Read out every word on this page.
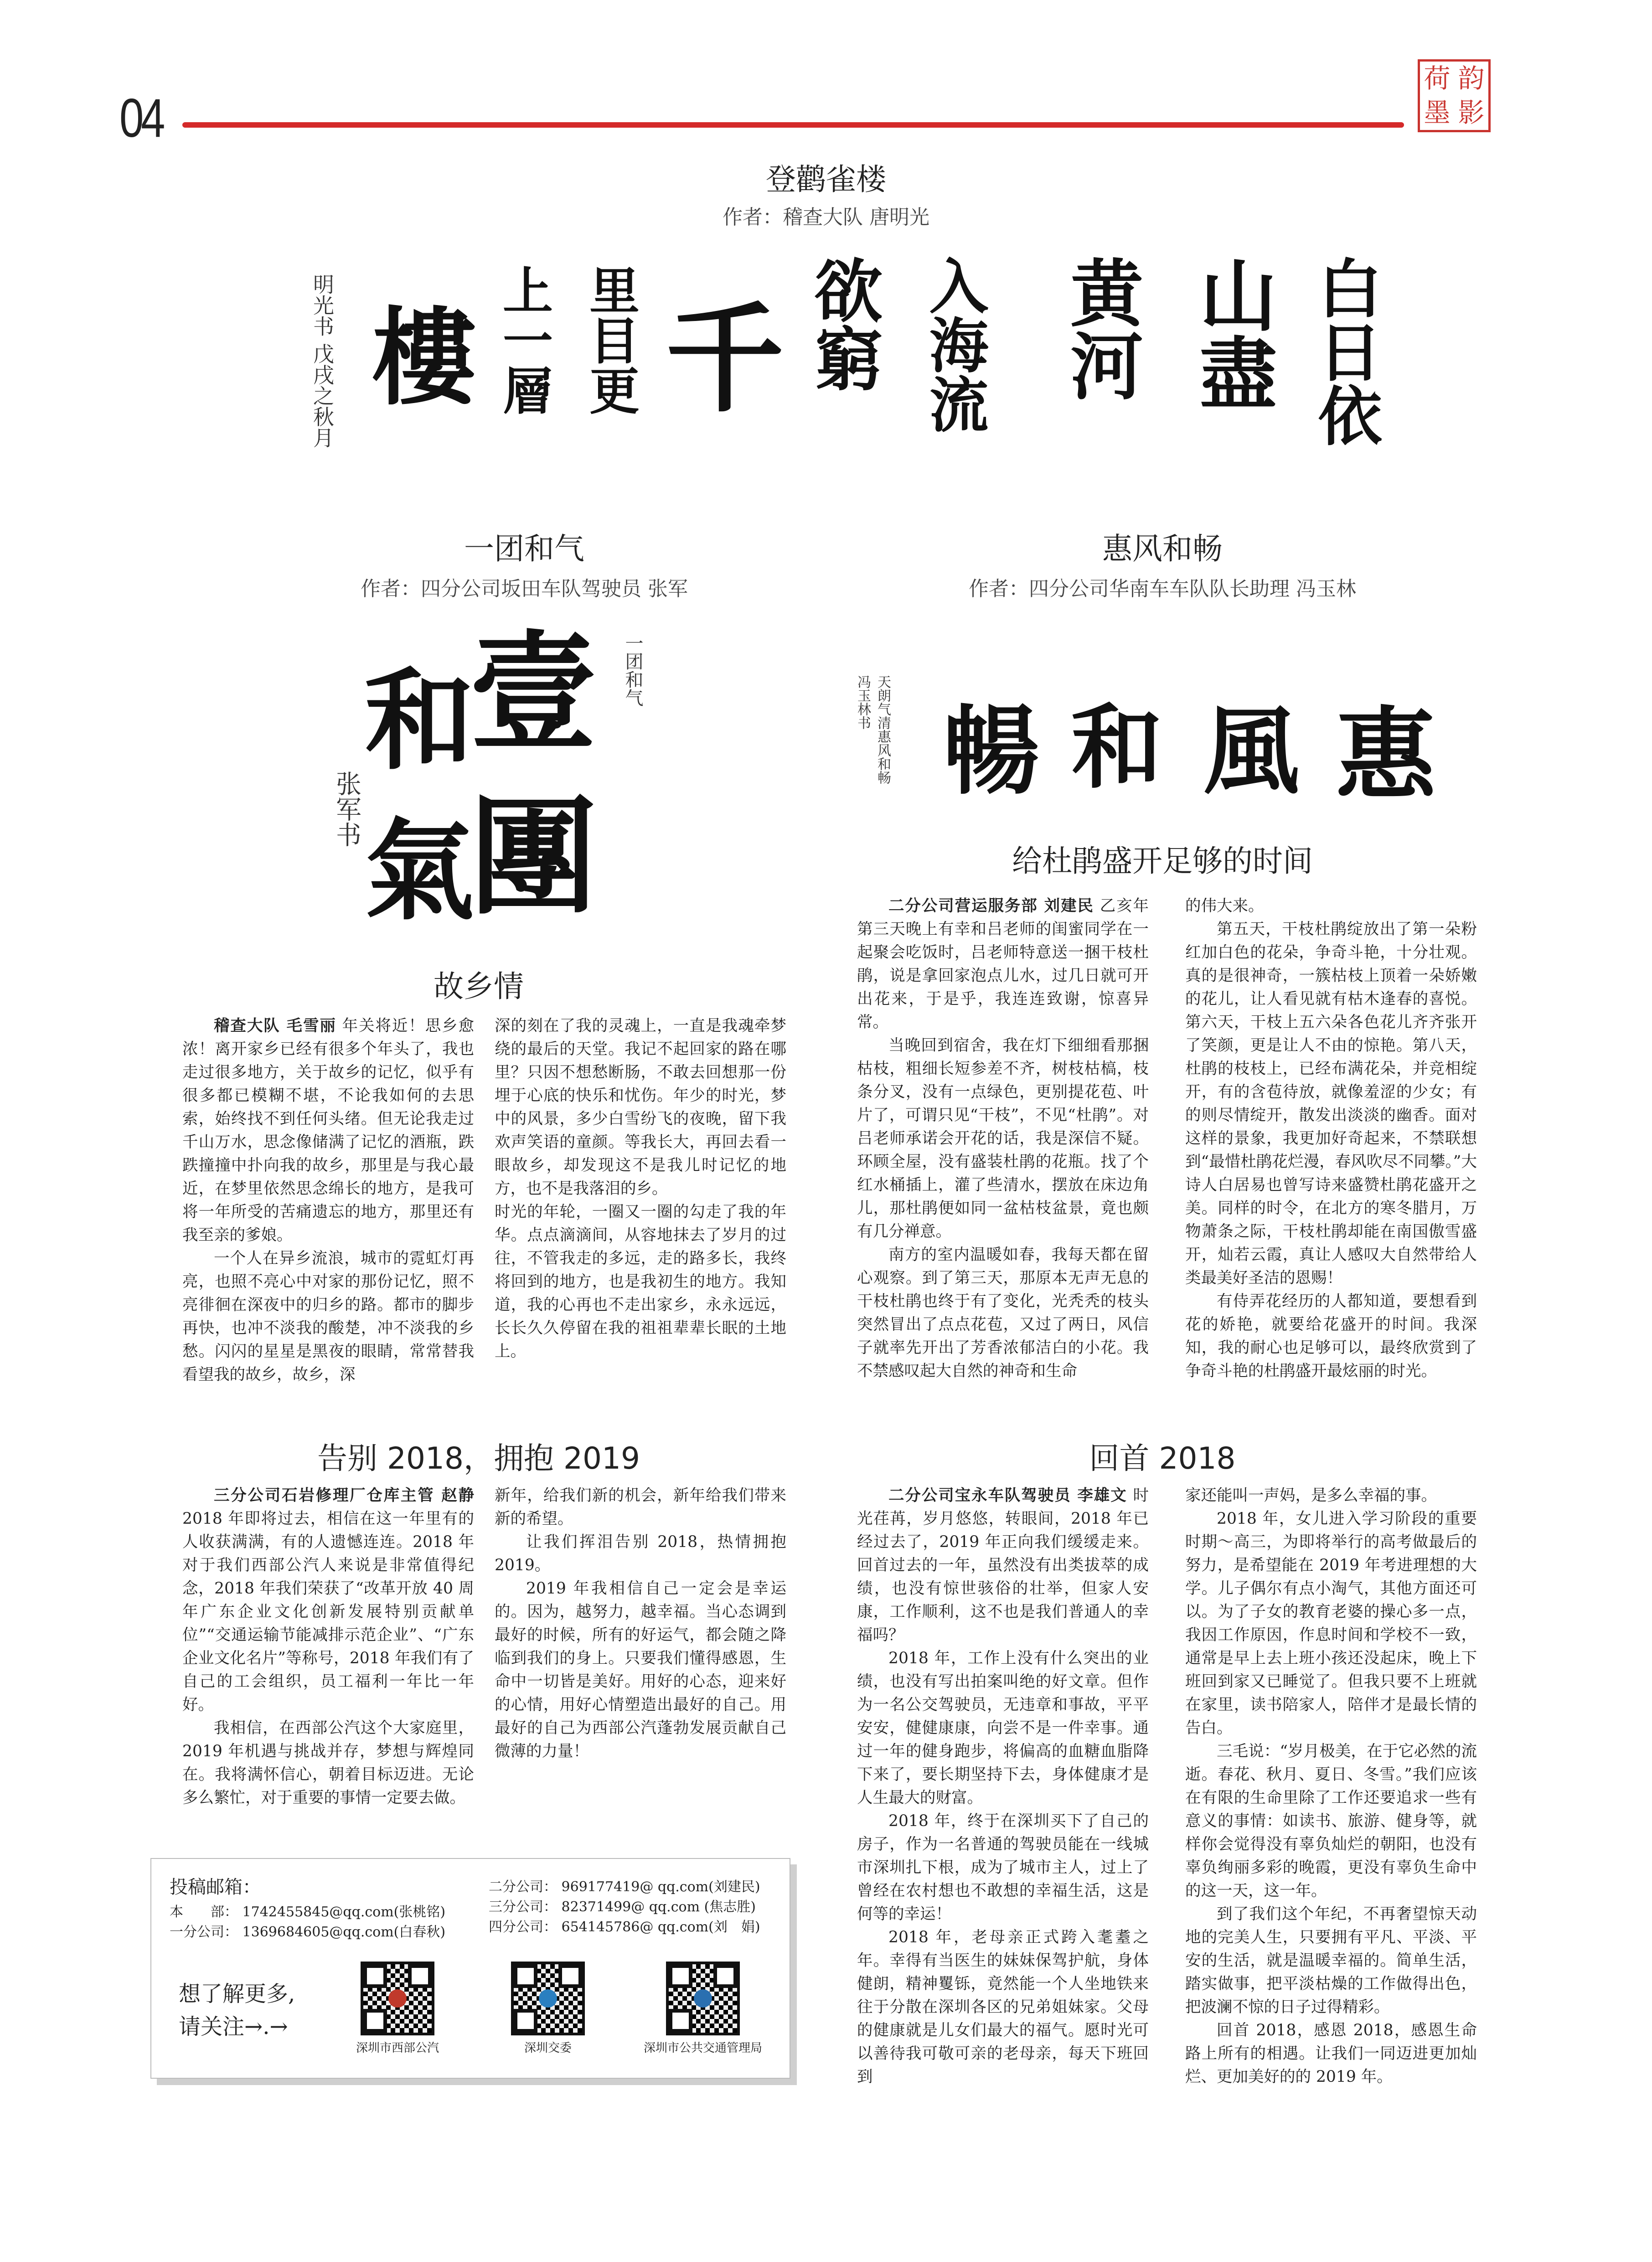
04
荷 韵
墨 影
登鹳雀楼
作者：稽查大队 唐明光
明光书 戊戌之秋月 樓 上一層 里目更 千 欲窮 入海流 黄河 山盡 白日依
一团和气
作者：四分公司坂田车队驾驶员 张军
惠风和畅
作者：四分公司华南车车队队长助理 冯玉林
壹
團
和
氣
一团和气
张军书
天朗气清惠风和畅 冯玉林书 暢 和 風 惠
故乡情

稽查大队 毛雪丽 年关将近！思乡愈浓！离开家乡已经有很多个年头了，我也走过很多地方，关于故乡的记忆，似乎有很多都已模糊不堪，不论我如何的去思索，始终找不到任何头绪。但无论我走过千山万水，思念像储满了记忆的酒瓶，跌跌撞撞中扑向我的故乡，那里是与我心最近，在梦里依然思念绵长的地方，是我可将一年所受的苦痛遗忘的地方，那里还有我至亲的爹娘。

一个人在异乡流浪，城市的霓虹灯再亮，也照不亮心中对家的那份记忆，照不亮徘徊在深夜中的归乡的路。都市的脚步再快，也冲不淡我的酸楚，冲不淡我的乡愁。闪闪的星星是黑夜的眼睛，常常替我看望我的故乡，故乡，深

深的刻在了我的灵魂上，一直是我魂牵梦绕的最后的天堂。我记不起回家的路在哪里？只因不想愁断肠，不敢去回想那一份埋于心底的快乐和忧伤。年少的时光，梦中的风景，多少白雪纷飞的夜晚，留下我欢声笑语的童颜。等我长大，再回去看一眼故乡，却发现这不是我儿时记忆的地方，也不是我落泪的乡。

时光的年轮，一圈又一圈的勾走了我的年华。点点滴滴间，从容地抹去了岁月的过往，不管我走的多远，走的路多长，我终将回到的地方，也是我初生的地方。我知道，我的心再也不走出家乡，永永远远，长长久久停留在我的祖祖辈辈长眠的土地上。

给杜鹃盛开足够的时间

二分公司营运服务部 刘建民 乙亥年第三天晚上有幸和吕老师的闺蜜同学在一起聚会吃饭时，吕老师特意送一捆干枝杜鹃，说是拿回家泡点儿水，过几日就可开出花来，于是乎，我连连致谢，惊喜异常。

当晚回到宿舍，我在灯下细细看那捆枯枝，粗细长短参差不齐，树枝枯槁，枝条分叉，没有一点绿色，更别提花苞、叶片了，可谓只见“干枝”，不见“杜鹃”。对吕老师承诺会开花的话，我是深信不疑。环顾全屋，没有盛装杜鹃的花瓶。找了个红水桶插上，灌了些清水，摆放在床边角儿，那杜鹃便如同一盆枯枝盆景，竟也颇有几分禅意。

南方的室内温暖如春，我每天都在留心观察。到了第三天，那原本无声无息的干枝杜鹃也终于有了变化，光秃秃的枝头突然冒出了点点花苞，又过了两日，风信子就率先开出了芳香浓郁洁白的小花。我不禁感叹起大自然的神奇和生命

的伟大来。

第五天，干枝杜鹃绽放出了第一朵粉红加白色的花朵，争奇斗艳，十分壮观。真的是很神奇，一簇枯枝上顶着一朵娇嫩的花儿，让人看见就有枯木逢春的喜悦。第六天，干枝上五六朵各色花儿齐齐张开了笑颜，更是让人不由的惊艳。第八天，杜鹃的枝枝上，已经布满花朵，并竞相绽开，有的含苞待放，就像羞涩的少女；有的则尽情绽开，散发出淡淡的幽香。面对这样的景象，我更加好奇起来，不禁联想到“最惜杜鹃花烂漫，春风吹尽不同攀。”大诗人白居易也曾写诗来盛赞杜鹃花盛开之美。同样的时令，在北方的寒冬腊月，万物萧条之际，干枝杜鹃却能在南国傲雪盛开，灿若云霞，真让人感叹大自然带给人类最美好圣洁的恩赐！

有侍弄花经历的人都知道，要想看到花的娇艳，就要给花盛开的时间。我深知，我的耐心也足够可以，最终欣赏到了争奇斗艳的杜鹃盛开最炫丽的时光。

告别 2018，拥抱 2019

三分公司石岩修理厂仓库主管 赵静 2018 年即将过去，相信在这一年里有的人收获满满，有的人遗憾连连。2018 年对于我们西部公汽人来说是非常值得纪念，2018 年我们荣获了“改革开放 40 周年广东企业文化创新发展特别贡献单位”“交通运输节能减排示范企业”、“广东企业文化名片”等称号，2018 年我们有了自己的工会组织，员工福利一年比一年好。

我相信，在西部公汽这个大家庭里，2019 年机遇与挑战并存，梦想与辉煌同在。我将满怀信心，朝着目标迈进。无论多么繁忙，对于重要的事情一定要去做。

新年，给我们新的机会，新年给我们带来新的希望。

让我们挥泪告别 2018，热情拥抱 2019。

2019 年我相信自己一定会是幸运的。因为，越努力，越幸福。当心态调到最好的时候，所有的好运气，都会随之降临到我们的身上。只要我们懂得感恩，生命中一切皆是美好。用好的心态，迎来好的心情，用好心情塑造出最好的自己。用最好的自己为西部公汽蓬勃发展贡献自己微薄的力量！

回首 2018

二分公司宝永车队驾驶员 李雄文 时光荏苒，岁月悠悠，转眼间，2018 年已经过去了，2019 年正向我们缓缓走来。回首过去的一年，虽然没有出类拔萃的成绩，也没有惊世骇俗的壮举，但家人安康，工作顺利，这不也是我们普通人的幸福吗？

2018 年，工作上没有什么突出的业绩，也没有写出拍案叫绝的好文章。但作为一名公交驾驶员，无违章和事故，平平安安，健健康康，向尝不是一件幸事。通过一年的健身跑步，将偏高的血糖血脂降下来了，要长期坚持下去，身体健康才是人生最大的财富。

2018 年，终于在深圳买下了自己的房子，作为一名普通的驾驶员能在一线城市深圳扎下根，成为了城市主人，过上了曾经在农村想也不敢想的幸福生活，这是何等的幸运！

2018 年，老母亲正式跨入耄耋之年。幸得有当医生的妹妹保驾护航，身体健朗，精神矍铄，竟然能一个人坐地铁来往于分散在深圳各区的兄弟姐妹家。父母的健康就是儿女们最大的福气。愿时光可以善待我可敬可亲的老母亲，每天下班回到

家还能叫一声妈，是多么幸福的事。

2018 年，女儿进入学习阶段的重要时期～高三，为即将举行的高考做最后的努力，是希望能在 2019 年考进理想的大学。儿子偶尔有点小淘气，其他方面还可以。为了子女的教育老婆的操心多一点，我因工作原因，作息时间和学校不一致，通常是早上去上班小孩还没起床，晚上下班回到家又已睡觉了。但我只要不上班就在家里，读书陪家人，陪伴才是最长情的告白。

三毛说：“岁月极美，在于它必然的流逝。春花、秋月、夏日、冬雪。”我们应该在有限的生命里除了工作还要追求一些有意义的事情：如读书、旅游、健身等，就样你会觉得没有辜负灿烂的朝阳，也没有辜负绚丽多彩的晚霞，更没有辜负生命中的这一天，这一年。

到了我们这个年纪，不再奢望惊天动地的完美人生，只要拥有平凡、平淡、平安的生活，就是温暖幸福的。简单生活，踏实做事，把平淡枯燥的工作做得出色，把波澜不惊的日子过得精彩。

回首 2018，感恩 2018，感恩生命路上所有的相遇。让我们一同迈进更加灿烂、更加美好的的 2019 年。

投稿邮箱：
本　　部： 1742455845@qq.com(张桃铭)
一分公司： 1369684605@qq.com(白春秋)
二分公司： 969177419@ qq.com(刘建民)
三分公司： 82371499@ qq.com (焦志胜)
四分公司： 654145786@ qq.com(刘　娟)
想了解更多,
请关注→.→
深圳市西部公汽	深圳交委	深圳市公共交通管理局
